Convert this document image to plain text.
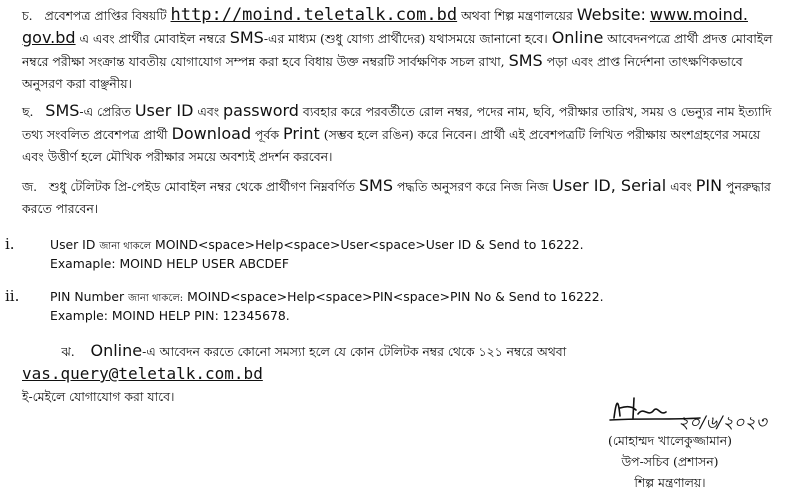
চ. প্রবেশপত্র প্রাপ্তির বিষয়টি http://moind.teletalk.com.bd অথবা শিল্প মন্ত্রণালয়ের Website: www.moind.
gov.bd এ এবং প্রার্থীর মোবাইল নম্বরে SMS-এর মাধ্যম (শুধু যোগ্য প্রার্থীদের) যথাসময়ে জানানো হবে। Online আবেদনপত্রে প্রার্থী প্রদত্ত মোবাইল নম্বরে পরীক্ষা সংক্রান্ত যাবতীয় যোগাযোগ সম্পন্ন করা হবে বিধায় উক্ত নম্বরটি সার্বক্ষণিক সচল রাখা, SMS পড়া এবং প্রাপ্ত নির্দেশনা তাৎক্ষণিকভাবে অনুসরণ করা বাঞ্ছনীয়।

ছ. SMS-এ প্রেরিত User ID এবং password ব্যবহার করে পরবর্তীতে রোল নম্বর, পদের নাম, ছবি, পরীক্ষার তারিখ, সময় ও ভেন্যুর নাম ইত্যাদি তথ্য সংবলিত প্রবেশপত্র প্রার্থী Download পূর্বক Print (সম্ভব হলে রঙিন) করে নিবেন। প্রার্থী এই প্রবেশপত্রটি লিখিত পরীক্ষায় অংশগ্রহণের সময়ে এবং উত্তীর্ণ হলে মৌখিক পরীক্ষার সময়ে অবশ্যই প্রদর্শন করবেন।

জ. শুধু টেলিটক প্রি-পেইড মোবাইল নম্বর থেকে প্রার্থীগণ নিম্নবর্ণিত SMS পদ্ধতি অনুসরণ করে নিজ নিজ User ID, Serial এবং PIN পুনরুদ্ধার করতে পারবেন।

i.	User ID জানা থাকলে MOIND<space>Help<space>User<space>User ID & Send to 16222.
Examaple: MOIND HELP USER ABCDEF
ii. PIN Number জানা থাকলে: MOIND<space>Help<space>PIN<space>PIN No & Send to 16222.
Example: MOIND HELP PIN: 12345678.

ঝ. Online-এ আবেদন করতে কোনো সমস্যা হলে যে কোন টেলিটক নম্বর থেকে ১২১ নম্বরে অথবা vas.query@teletalk.com.bd
ই-মেইলে যোগাযোগ করা যাবে।

২০/৬/২০২৩
(মোহাম্মদ খালেকুজ্জামান)
উপ-সচিব (প্রশাসন)
শিল্প মন্ত্রণালয়।
